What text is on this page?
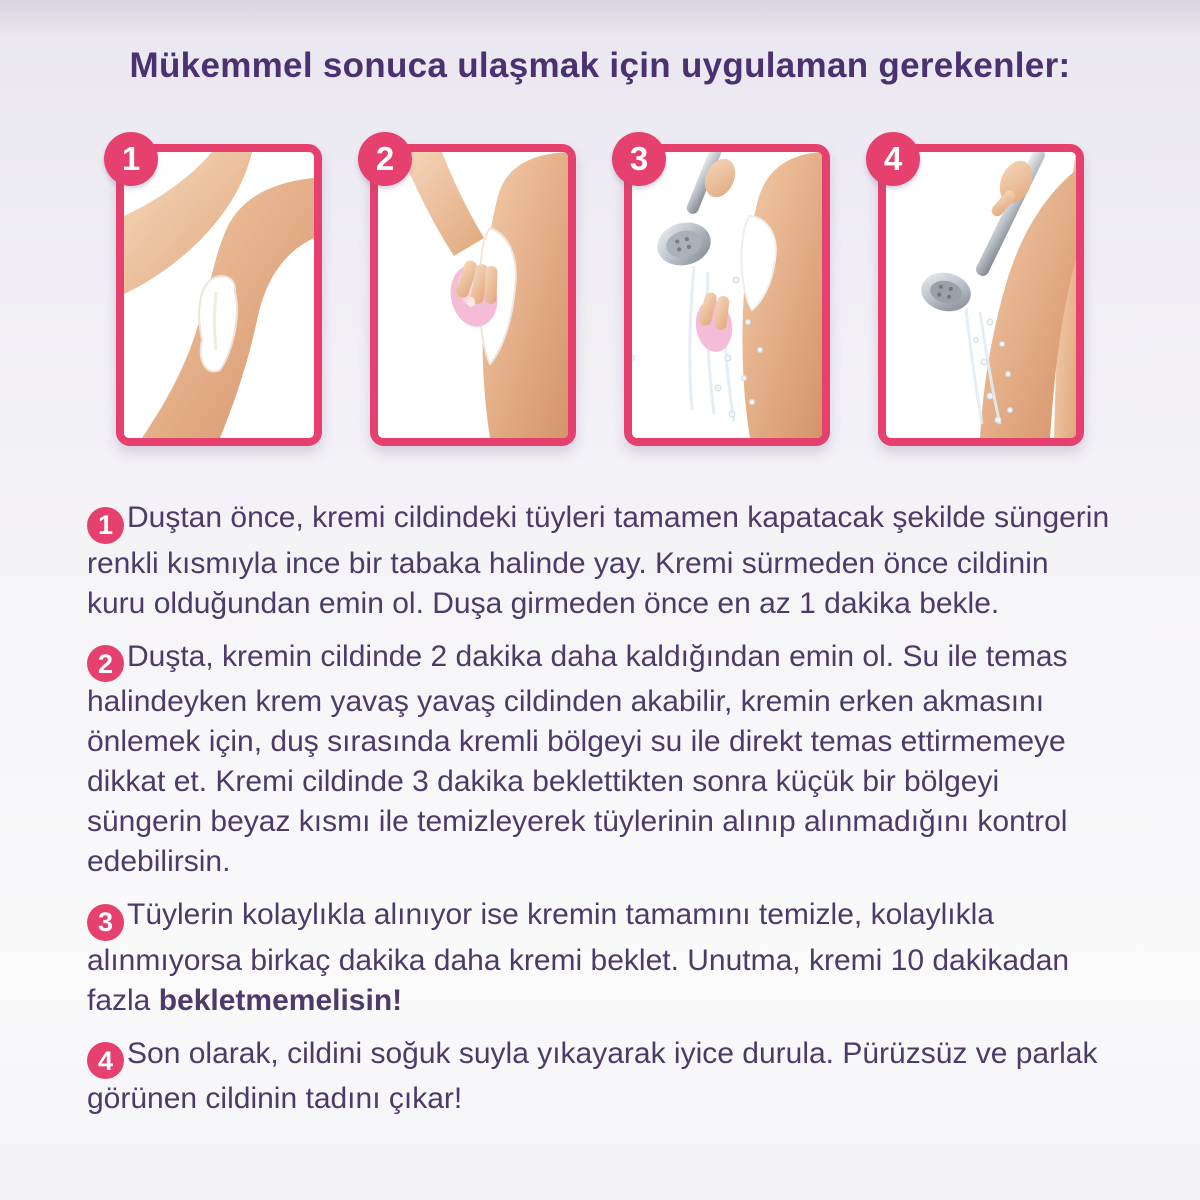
Mükemmel sonuca ulaşmak için uygulaman gerekenler:
1	2	3	4

1 Duştan önce, kremi cildindeki tüyleri tamamen kapatacak şekilde süngerin renkli kısmıyla ince bir tabaka halinde yay. Kremi sürmeden önce cildinin kuru olduğundan emin ol. Duşa girmeden önce en az 1 dakika bekle.

2 Duşta, kremin cildinde 2 dakika daha kaldığından emin ol. Su ile temas halindeyken krem yavaş yavaş cildinden akabilir, kremin erken akmasını önlemek için, duş sırasında kremli bölgeyi su ile direkt temas ettirmemeye dikkat et. Kremi cildinde 3 dakika beklettikten sonra küçük bir bölgeyi süngerin beyaz kısmı ile temizleyerek tüylerinin alınıp alınmadığını kontrol edebilirsin.

3 Tüylerin kolaylıkla alınıyor ise kremin tamamını temizle, kolaylıkla alınmıyorsa birkaç dakika daha kremi beklet. Unutma, kremi 10 dakikadan fazla bekletmemelisin!

4 Son olarak, cildini soğuk suyla yıkayarak iyice durula. Pürüzsüz ve parlak görünen cildinin tadını çıkar!
